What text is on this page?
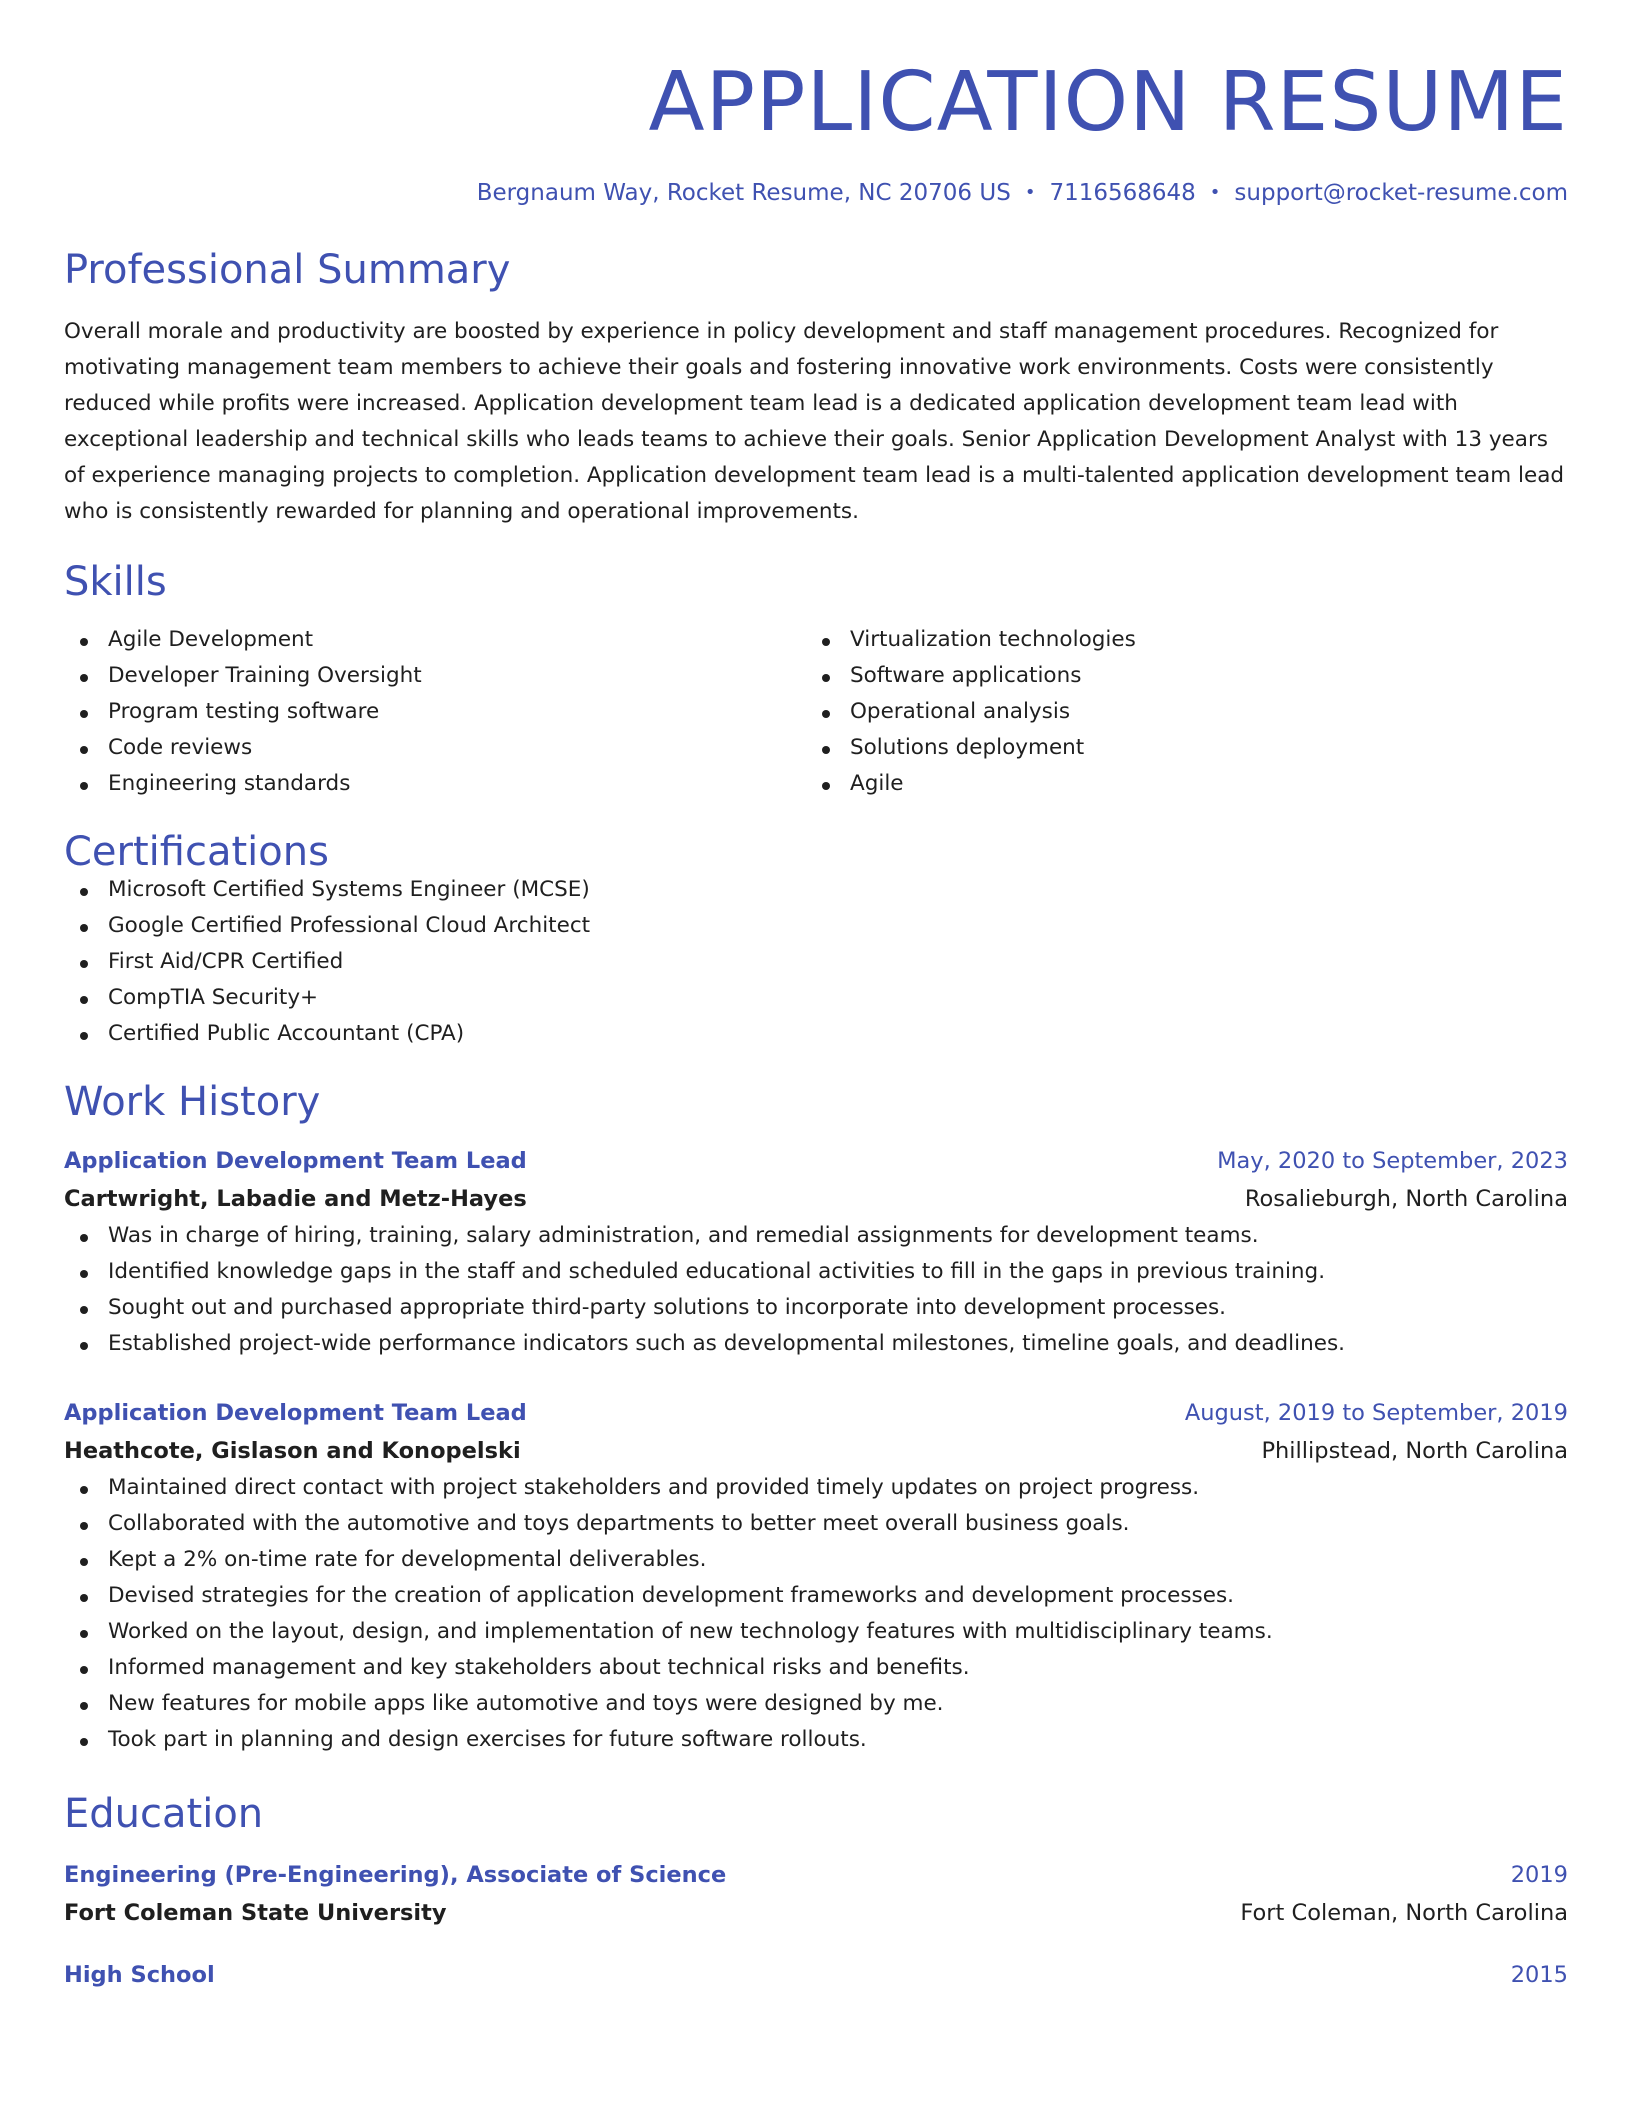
APPLICATION RESUME
Bergnaum Way, Rocket Resume, NC 20706 US • 7116568648 • support@rocket-resume.com
Professional Summary
Overall morale and productivity are boosted by experience in policy development and staff management procedures. Recognized for motivating management team members to achieve their goals and fostering innovative work environments. Costs were consistently reduced while profits were increased. Application development team lead is a dedicated application development team lead with exceptional leadership and technical skills who leads teams to achieve their goals. Senior Application Development Analyst with 13 years of experience managing projects to completion. Application development team lead is a multi-talented application development team lead who is consistently rewarded for planning and operational improvements.
Skills
Agile Development
Developer Training Oversight
Program testing software
Code reviews
Engineering standards
Virtualization technologies
Software applications
Operational analysis
Solutions deployment
Agile
Certifications
Microsoft Certified Systems Engineer (MCSE)
Google Certified Professional Cloud Architect
First Aid/CPR Certified
CompTIA Security+
Certified Public Accountant (CPA)
Work History
Application Development Team Lead	May, 2020 to September, 2023
Cartwright, Labadie and Metz-Hayes	Rosalieburgh, North Carolina
Was in charge of hiring, training, salary administration, and remedial assignments for development teams.
Identified knowledge gaps in the staff and scheduled educational activities to fill in the gaps in previous training.
Sought out and purchased appropriate third-party solutions to incorporate into development processes.
Established project-wide performance indicators such as developmental milestones, timeline goals, and deadlines.
Application Development Team Lead	August, 2019 to September, 2019
Heathcote, Gislason and Konopelski	Phillipstead, North Carolina
Maintained direct contact with project stakeholders and provided timely updates on project progress.
Collaborated with the automotive and toys departments to better meet overall business goals.
Kept a 2% on-time rate for developmental deliverables.
Devised strategies for the creation of application development frameworks and development processes.
Worked on the layout, design, and implementation of new technology features with multidisciplinary teams.
Informed management and key stakeholders about technical risks and benefits.
New features for mobile apps like automotive and toys were designed by me.
Took part in planning and design exercises for future software rollouts.
Education
Engineering (Pre-Engineering), Associate of Science	2019
Fort Coleman State University	Fort Coleman, North Carolina
High School	2015
